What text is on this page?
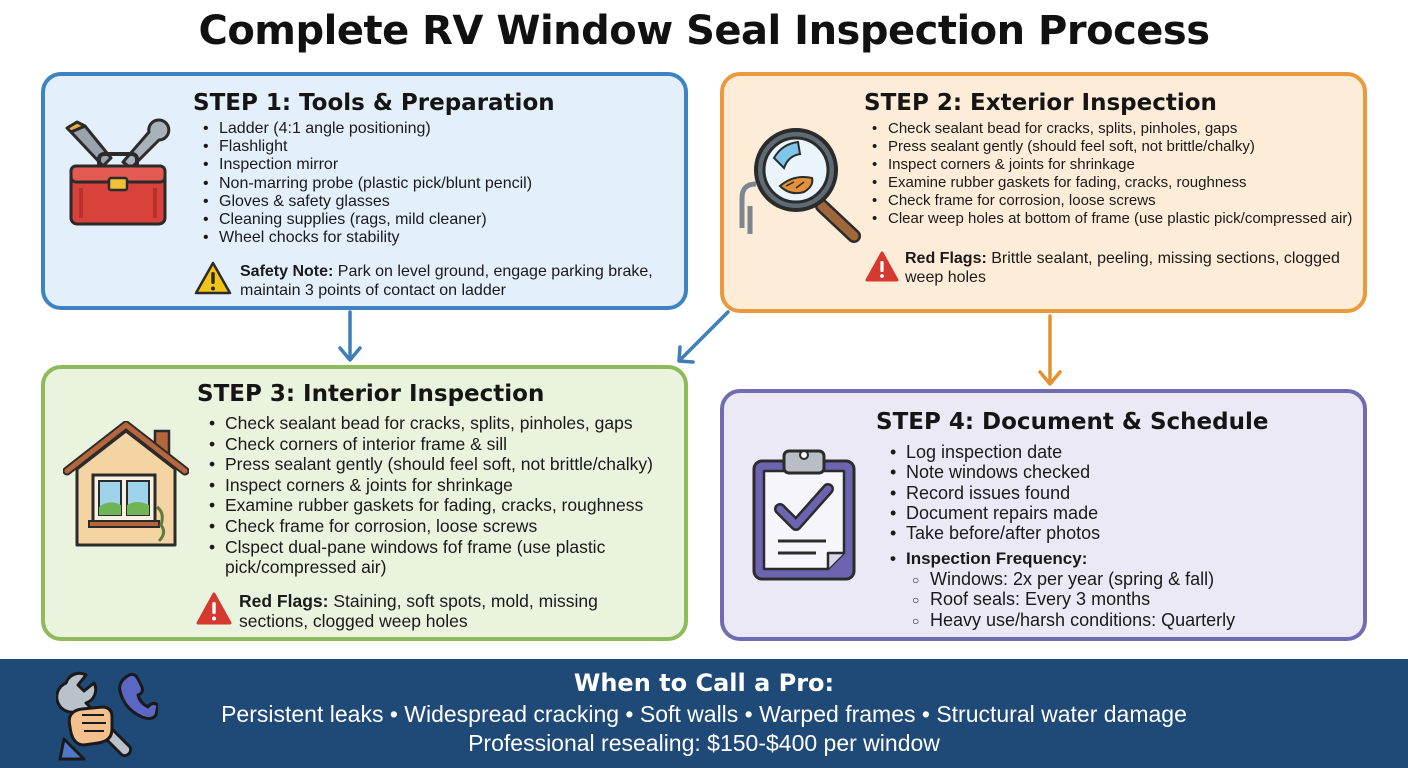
Complete RV Window Seal Inspection Process
STEP 1: Tools & Preparation
• Ladder (4:1 angle positioning)
• Flashlight
• Inspection mirror
• Non-marring probe (plastic pick/blunt pencil)
• Gloves & safety glasses
• Cleaning supplies (rags, mild cleaner)
• Wheel chocks for stability
Safety Note: Park on level ground, engage parking brake, maintain 3 points of contact on ladder
STEP 2: Exterior Inspection
• Check sealant bead for cracks, splits, pinholes, gaps
• Press sealant gently (should feel soft, not brittle/chalky)
• Inspect corners & joints for shrinkage
• Examine rubber gaskets for fading, cracks, roughness
• Check frame for corrosion, loose screws
• Clear weep holes at bottom of frame (use plastic pick/compressed air)
Red Flags: Brittle sealant, peeling, missing sections, clogged weep holes
STEP 3: Interior Inspection
• Check sealant bead for cracks, splits, pinholes, gaps
• Check corners of interior frame & sill
• Press sealant gently (should feel soft, not brittle/chalky)
• Inspect corners & joints for shrinkage
• Examine rubber gaskets for fading, cracks, roughness
• Check frame for corrosion, loose screws
• Clspect dual-pane windows fof frame (use plastic pick/compressed air)
Red Flags: Staining, soft spots, mold, missing sections, clogged weep holes
STEP 4: Document & Schedule
• Log inspection date
• Note windows checked
• Record issues found
• Document repairs made
• Take before/after photos
• Inspection Frequency:
○ Windows: 2x per year (spring & fall)
○ Roof seals: Every 3 months
○ Heavy use/harsh conditions: Quarterly
When to Call a Pro:
Persistent leaks • Widespread cracking • Soft walls • Warped frames • Structural water damage
Professional resealing: $150-$400 per window
